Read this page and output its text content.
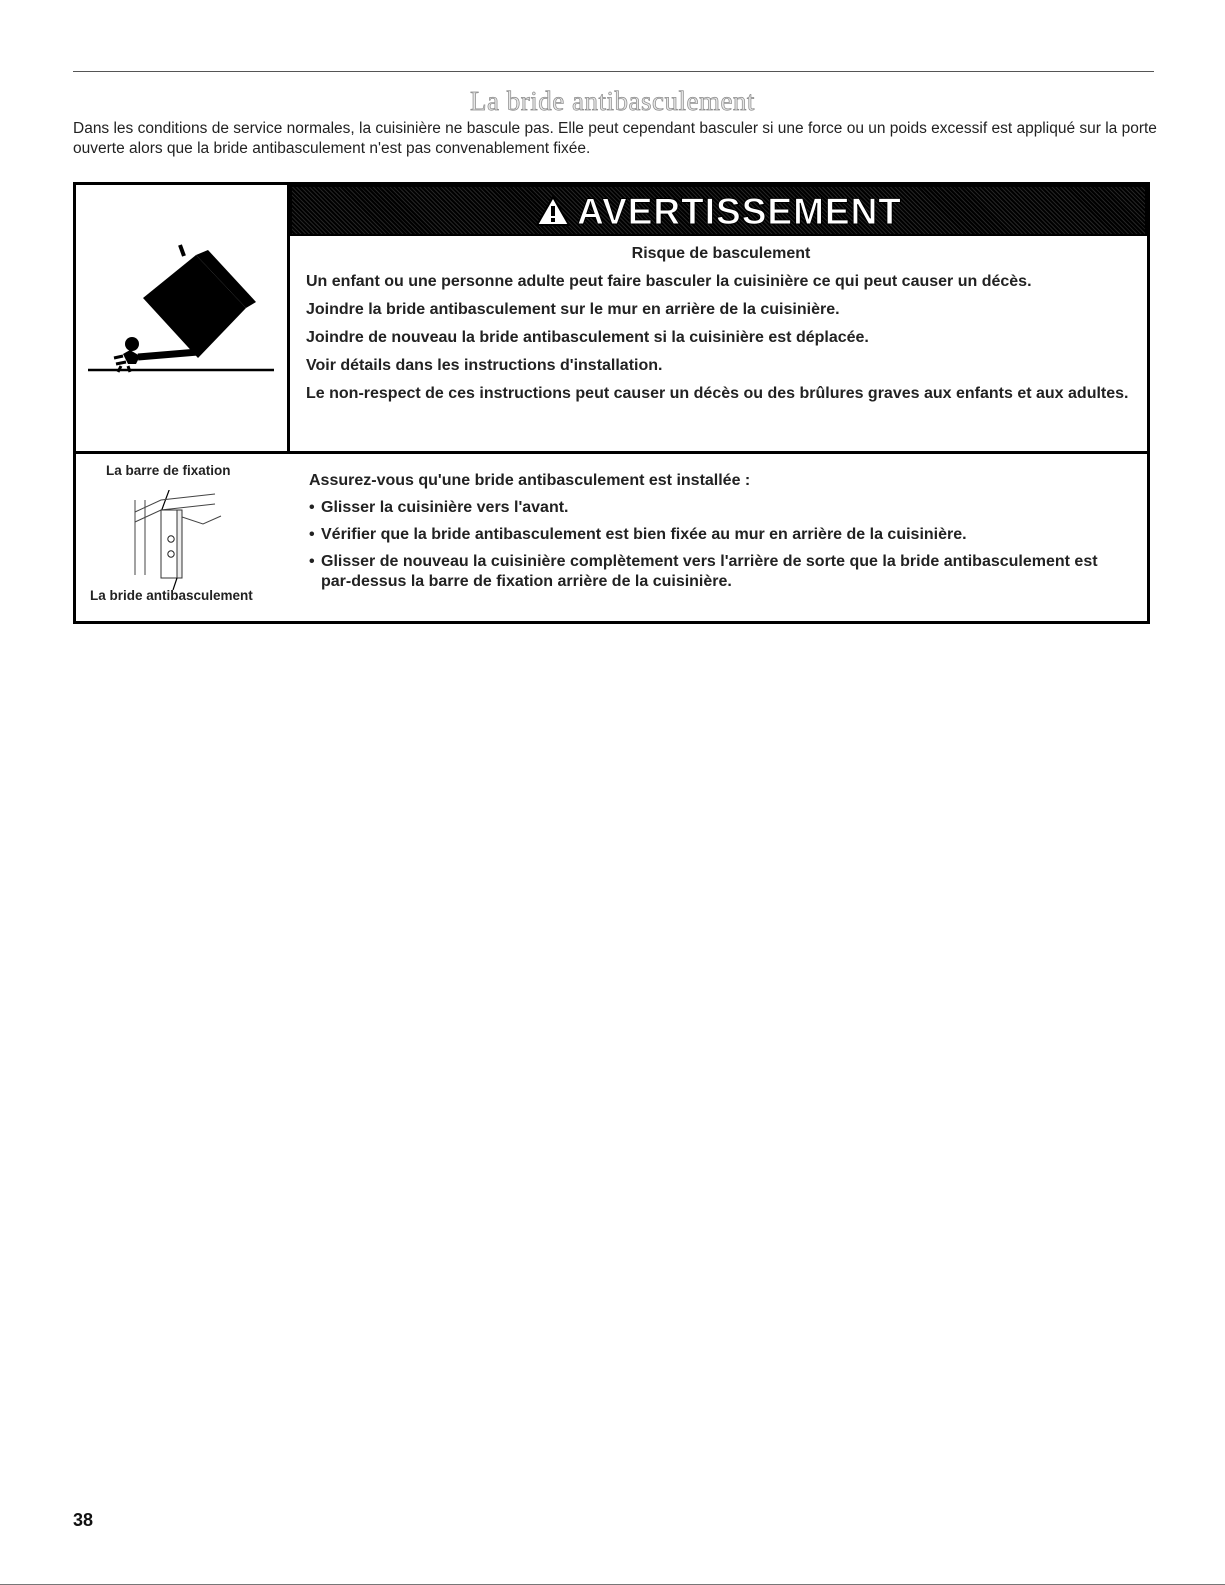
La bride antibasculement
Dans les conditions de service normales, la cuisinière ne bascule pas. Elle peut cependant basculer si une force ou un poids excessif est appliqué sur la porte ouverte alors que la bride antibasculement n'est pas convenablement fixée.
AVERTISSEMENT
Risque de basculement

Un enfant ou une personne adulte peut faire basculer la cuisinière ce qui peut causer un décès.

Joindre la bride antibasculement sur le mur en arrière de la cuisinière.

Joindre de nouveau la bride antibasculement si la cuisinière est déplacée.

Voir détails dans les instructions d'installation.

Le non-respect de ces instructions peut causer un décès ou des brûlures graves aux enfants et aux adultes.

La barre de fixation
La bride antibasculement

Assurez-vous qu'une bride antibasculement est installée :

• Glisser la cuisinière vers l'avant.
• Vérifier que la bride antibasculement est bien fixée au mur en arrière de la cuisinière.
• Glisser de nouveau la cuisinière complètement vers l'arrière de sorte que la bride antibasculement est par-dessus la barre de fixation arrière de la cuisinière.
38
